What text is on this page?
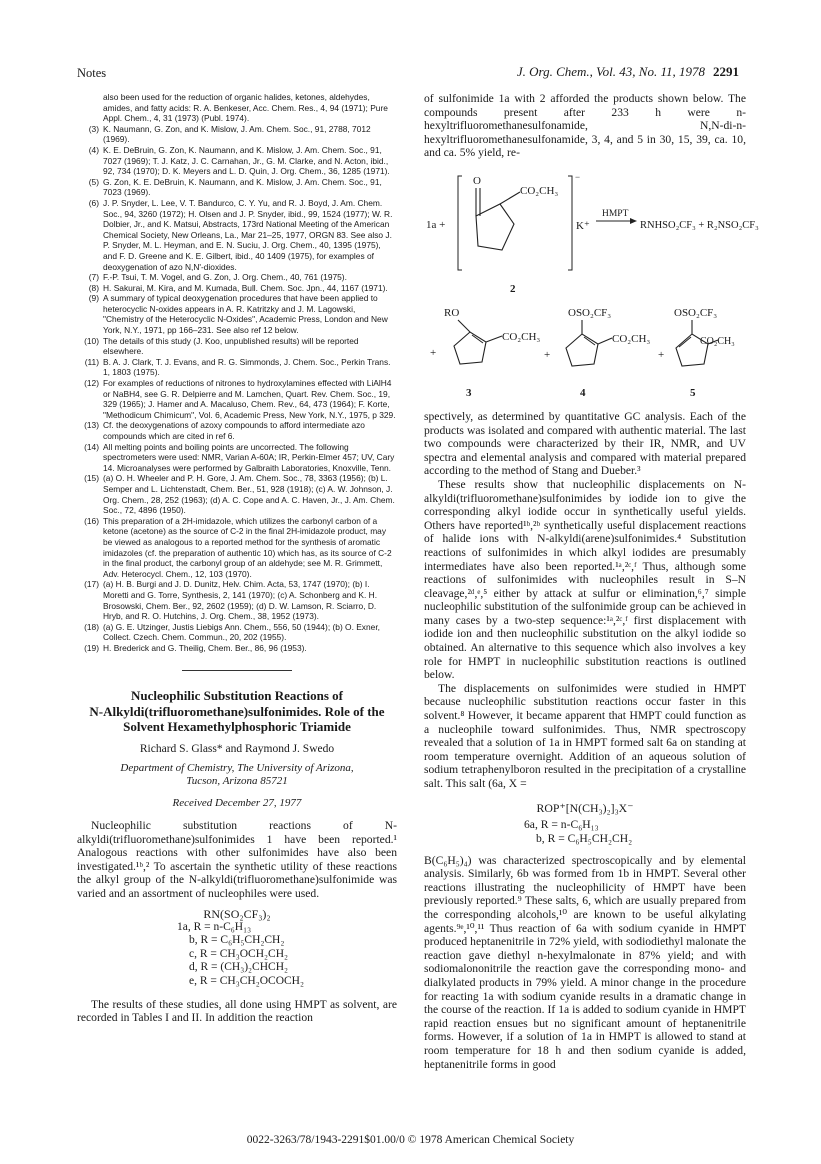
Notes	J. Org. Chem., Vol. 43, No. 11, 1978 2291

also been used for the reduction of organic halides, ketones, aldehydes, amides, and fatty acids: R. A. Benkeser, Acc. Chem. Res., 4, 94 (1971); Pure Appl. Chem., 4, 31 (1973) (Publ. 1974).

(3) K. Naumann, G. Zon, and K. Mislow, J. Am. Chem. Soc., 91, 2788, 7012 (1969).

(4) K. E. DeBruin, G. Zon, K. Naumann, and K. Mislow, J. Am. Chem. Soc., 91, 7027 (1969); T. J. Katz, J. C. Carnahan, Jr., G. M. Clarke, and N. Acton, ibid., 92, 734 (1970); D. K. Meyers and L. D. Quin, J. Org. Chem., 36, 1285 (1971).

(5) G. Zon, K. E. DeBruin, K. Naumann, and K. Mislow, J. Am. Chem. Soc., 91, 7023 (1969).

(6) J. P. Snyder, L. Lee, V. T. Bandurco, C. Y. Yu, and R. J. Boyd, J. Am. Chem. Soc., 94, 3260 (1972); H. Olsen and J. P. Snyder, ibid., 99, 1524 (1977); W. R. Dolbier, Jr., and K. Matsui, Abstracts, 173rd National Meeting of the American Chemical Society, New Orleans, La., Mar 21–25, 1977, ORGN 83. See also J. P. Snyder, M. L. Heyman, and E. N. Suciu, J. Org. Chem., 40, 1395 (1975), and F. D. Greene and K. E. Gilbert, ibid., 40 1409 (1975), for examples of deoxygenation of azo N,N'-dioxides.

(7) F.-P. Tsui, T. M. Vogel, and G. Zon, J. Org. Chem., 40, 761 (1975).

(8) H. Sakurai, M. Kira, and M. Kumada, Bull. Chem. Soc. Jpn., 44, 1167 (1971).

(9) A summary of typical deoxygenation procedures that have been applied to heterocyclic N-oxides appears in A. R. Katritzky and J. M. Lagowski, "Chemistry of the Heterocyclic N-Oxides", Academic Press, London and New York, N.Y., 1971, pp 166–231. See also ref 12 below.

(10) The details of this study (J. Koo, unpublished results) will be reported elsewhere.

(11) B. A. J. Clark, T. J. Evans, and R. G. Simmonds, J. Chem. Soc., Perkin Trans. 1, 1803 (1975).

(12) For examples of reductions of nitrones to hydroxylamines effected with LiAlH4 or NaBH4, see G. R. Delpierre and M. Lamchen, Quart. Rev. Chem. Soc., 19, 329 (1965); J. Hamer and A. Macaluso, Chem. Rev., 64, 473 (1964); F. Korte, "Methodicum Chimicum", Vol. 6, Academic Press, New York, N.Y., 1975, p 329.

(13) Cf. the deoxygenations of azoxy compounds to afford intermediate azo compounds which are cited in ref 6.

(14) All melting points and boiling points are uncorrected. The following spectrometers were used: NMR, Varian A-60A; IR, Perkin-Elmer 457; UV, Cary 14. Microanalyses were performed by Galbraith Laboratories, Knoxville, Tenn.

(15) (a) O. H. Wheeler and P. H. Gore, J. Am. Chem. Soc., 78, 3363 (1956); (b) L. Semper and L. Lichtenstadt, Chem. Ber., 51, 928 (1918); (c) A. W. Johnson, J. Org. Chem., 28, 252 (1963); (d) A. C. Cope and A. C. Haven, Jr., J. Am. Chem. Soc., 72, 4896 (1950).

(16) This preparation of a 2H-imidazole, which utilizes the carbonyl carbon of a ketone (acetone) as the source of C-2 in the final 2H-imidazole product, may be viewed as analogous to a reported method for the synthesis of aromatic imidazoles (cf. the preparation of authentic 10) which has, as its source of C-2 in the final product, the carbonyl group of an aldehyde; see M. R. Grimmett, Adv. Heterocycl. Chem., 12, 103 (1970).

(17) (a) H. B. Burgi and J. D. Dunitz, Helv. Chim. Acta, 53, 1747 (1970); (b) I. Moretti and G. Torre, Synthesis, 2, 141 (1970); (c) A. Schonberg and K. H. Brosowski, Chem. Ber., 92, 2602 (1959); (d) D. W. Lamson, R. Sciarro, D. Hryb, and R. O. Hutchins, J. Org. Chem., 38, 1952 (1973).

(18) (a) G. E. Utzinger, Justis Liebigs Ann. Chem., 556, 50 (1944); (b) O. Exner, Collect. Czech. Chem. Commun., 20, 202 (1955).

(19) H. Brederick and G. Theilig, Chem. Ber., 86, 96 (1953).

Nucleophilic Substitution Reactions of
N-Alkyldi(trifluoromethane)sulfonimides. Role of the
Solvent Hexamethylphosphoric Triamide

Richard S. Glass* and Raymond J. Swedo
Department of Chemistry, The University of Arizona,
Tucson, Arizona 85721
Received December 27, 1977

Nucleophilic substitution reactions of N-alkyldi(trifluoromethane)sulfonimides 1 have been reported.¹ Analogous reactions with other sulfonimides have also been investigated.¹ᵇ,² To ascertain the synthetic utility of these reactions the alkyl group of the N-alkyldi(trifluoromethane)sulfonimide was varied and an assortment of nucleophiles were used.

RN(SO₂CF₃)₂
1a, R = n-C₆H₁₃
b, R = C₆H₅CH₂CH₂
c, R = CH₃OCH₂CH₂
d, R = (CH₃)₂CHCH₂
e, R = CH₃CH₂OCOCH₂

The results of these studies, all done using HMPT as solvent, are recorded in Tables I and II. In addition the reaction

of sulfonimide 1a with 2 afforded the products shown below. The compounds present after 233 h were n-hexyltrifluoromethanesulfonamide, N,N-di-n-hexyltrifluoromethanesulfonamide, 3, 4, and 5 in 30, 15, 39, ca. 10, and ca. 5% yield, re-

1a +
O
CO₂CH₃
−
K⁺
HMPT
RNHSO₂CF₃ + R₂NSO₂CF₃
2
RO
CO₂CH₃
+
3
+
OSO₂CF₃
CO₂CH₃
4
+
OSO₂CF₃
CO₂CH₃
5

spectively, as determined by quantitative GC analysis. Each of the products was isolated and compared with authentic material. The last two compounds were characterized by their IR, NMR, and UV spectra and elemental analysis and compared with material prepared according to the method of Stang and Dueber.³

These results show that nucleophilic displacements on N-alkyldi(trifluoromethane)sulfonimides by iodide ion to give the corresponding alkyl iodide occur in synthetically useful yields. Others have reported¹ᵇ,²ᵇ synthetically useful displacement reactions of halide ions with N-alkyldi(arene)sulfonimides.⁴ Substitution reactions of sulfonimides in which alkyl iodides are presumably intermediates have also been reported.¹ᵃ,²ᶜ,ᶠ Thus, although some reactions of sulfonimides with nucleophiles result in S–N cleavage,²ᵈ,ᵉ,⁵ either by attack at sulfur or elimination,⁶,⁷ simple nucleophilic substitution of the sulfonimide group can be achieved in many cases by a two-step sequence:¹ᵃ,²ᶜ,ᶠ first displacement with iodide ion and then nucleophilic substitution on the alkyl iodide so obtained. An alternative to this sequence which also involves a key role for HMPT in nucleophilic substitution reactions is outlined below.

The displacements on sulfonimides were studied in HMPT because nucleophilic substitution reactions occur faster in this solvent.⁸ However, it became apparent that HMPT could function as a nucleophile toward sulfonimides. Thus, NMR spectroscopy revealed that a solution of 1a in HMPT formed salt 6a on standing at room temperature overnight. Addition of an aqueous solution of sodium tetraphenylboron resulted in the precipitation of a crystalline salt. This salt (6a, X =

ROP⁺[N(CH₃)₂]₃X⁻
6a, R = n-C₆H₁₃
b, R = C₆H₅CH₂CH₂

B(C₆H₅)₄) was characterized spectroscopically and by elemental analysis. Similarly, 6b was formed from 1b in HMPT. Several other reactions illustrating the nucleophilicity of HMPT have been previously reported.⁹ These salts, 6, which are usually prepared from the corresponding alcohols,¹⁰ are known to be useful alkylating agents.⁹ᵉ,¹⁰,¹¹ Thus reaction of 6a with sodium cyanide in HMPT produced heptanenitrile in 72% yield, with sodiodiethyl malonate the reaction gave diethyl n-hexylmalonate in 87% yield; and with sodiomalononitrile the reaction gave the corresponding mono- and dialkylated products in 79% yield. A minor change in the procedure for reacting 1a with sodium cyanide results in a dramatic change in the course of the reaction. If 1a is added to sodium cyanide in HMPT rapid reaction ensues but no significant amount of heptanenitrile forms. However, if a solution of 1a in HMPT is allowed to stand at room temperature for 18 h and then sodium cyanide is added, heptanenitrile forms in good

0022-3263/78/1943-2291$01.00/0 © 1978 American Chemical Society
